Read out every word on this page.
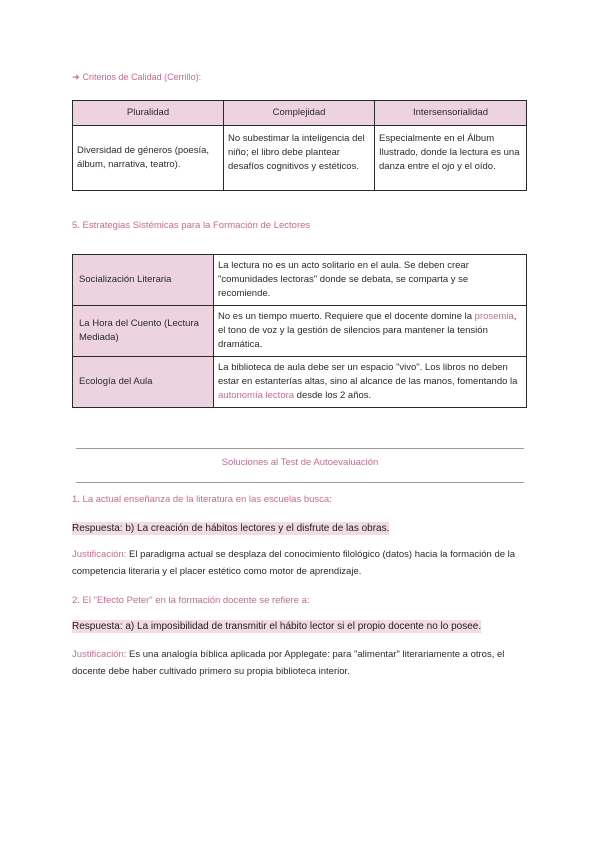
➜ Criterios de Calidad (Cerrillo):
Pluralidad	Complejidad	Intersensorialidad
Diversidad de géneros (poesía, álbum, narrativa, teatro).	No subestimar la inteligencia del niño; el libro debe plantear desafíos cognitivos y estéticos.	Especialmente en el Álbum Ilustrado, donde la lectura es una danza entre el ojo y el oído.
5. Estrategias Sistémicas para la Formación de Lectores
Socialización Literaria	La lectura no es un acto solitario en el aula. Se deben crear "comunidades lectoras" donde se debata, se comparta y se recomiende.
La Hora del Cuento (Lectura Mediada)	No es un tiempo muerto. Requiere que el docente domine la prosemia, el tono de voz y la gestión de silencios para mantener la tensión dramática.
Ecología del Aula	La biblioteca de aula debe ser un espacio "vivo". Los libros no deben estar en estanterías altas, sino al alcance de las manos, fomentando la autonomía lectora desde los 2 años.
Soluciones al Test de Autoevaluación
1. La actual enseñanza de la literatura en las escuelas busca:
Respuesta: b) La creación de hábitos lectores y el disfrute de las obras.
Justificación: El paradigma actual se desplaza del conocimiento filológico (datos) hacia la formación de la competencia literaria y el placer estético como motor de aprendizaje.
2. El "Efecto Peter" en la formación docente se refiere a:
Respuesta: a) La imposibilidad de transmitir el hábito lector si el propio docente no lo posee.
Justificación: Es una analogía bíblica aplicada por Applegate: para "alimentar" literariamente a otros, el docente debe haber cultivado primero su propia biblioteca interior.
